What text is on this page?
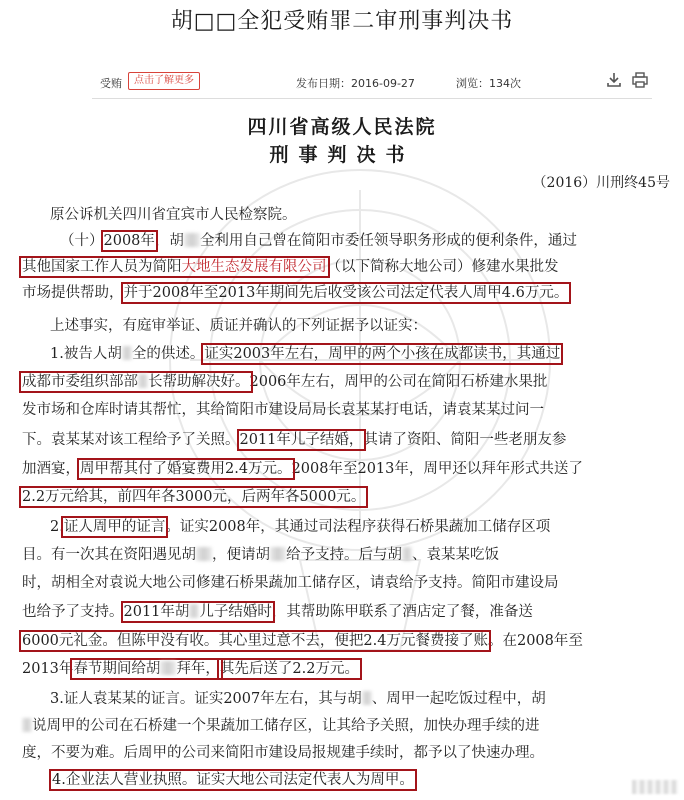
胡□□全犯受贿罪二审刑事判决书
受贿	点击了解更多	发布日期：2016-09-27	浏览：134次
四川省高级人民法院
刑事判决书
（2016）川刑终45号
原公诉机关四川省宜宾市人民检察院。
（十）2008年，胡 全利用自己曾在简阳市委任领导职务形成的便利条件，通过
其他国家工作人员为简阳大地生态发展有限公司（以下简称大地公司）修建水果批发
市场提供帮助，并于2008年至2013年期间先后收受该公司法定代表人周甲4.6万元。
上述事实，有庭审举证、质证并确认的下列证据予以证实：
1.被告人胡 全的供述。证实2003年左右，周甲的两个小孩在成都读书，其通过
成都市委组织部部 长帮助解决好。2006年左右，周甲的公司在简阳石桥建水果批
发市场和仓库时请其帮忙，其给简阳市建设局局长袁某某打电话，请袁某某过问一
下。袁某某对该工程给予了关照。2011年儿子结婚，其请了资阳、简阳一些老朋友参
加酒宴，周甲帮其付了婚宴费用2.4万元。2008年至2013年，周甲还以拜年形式共送了
2.2万元给其，前四年各3000元，后两年各5000元。
2.证人周甲的证言。证实2008年，其通过司法程序获得石桥果蔬加工储存区项
目。有一次其在资阳遇见胡 ，便请胡 给予支持。后与胡 、袁某某吃饭
时，胡相全对袁说大地公司修建石桥果蔬加工储存区，请袁给予支持。简阳市建设局
也给予了支持。2011年胡 儿子结婚时，其帮助陈甲联系了酒店定了餐，准备送
6000元礼金。但陈甲没有收。其心里过意不去，便把2.4万元餐费接了账。在2008年至
2013年春节期间给胡 拜年，其先后送了2.2万元。
3.证人袁某某的证言。证实2007年左右，其与胡 、周甲一起吃饭过程中，胡
说周甲的公司在石桥建一个果蔬加工储存区，让其给予关照，加快办理手续的进
度，不要为难。后周甲的公司来简阳市建设局报规建手续时，都予以了快速办理。
4.企业法人营业执照。证实大地公司法定代表人为周甲。
